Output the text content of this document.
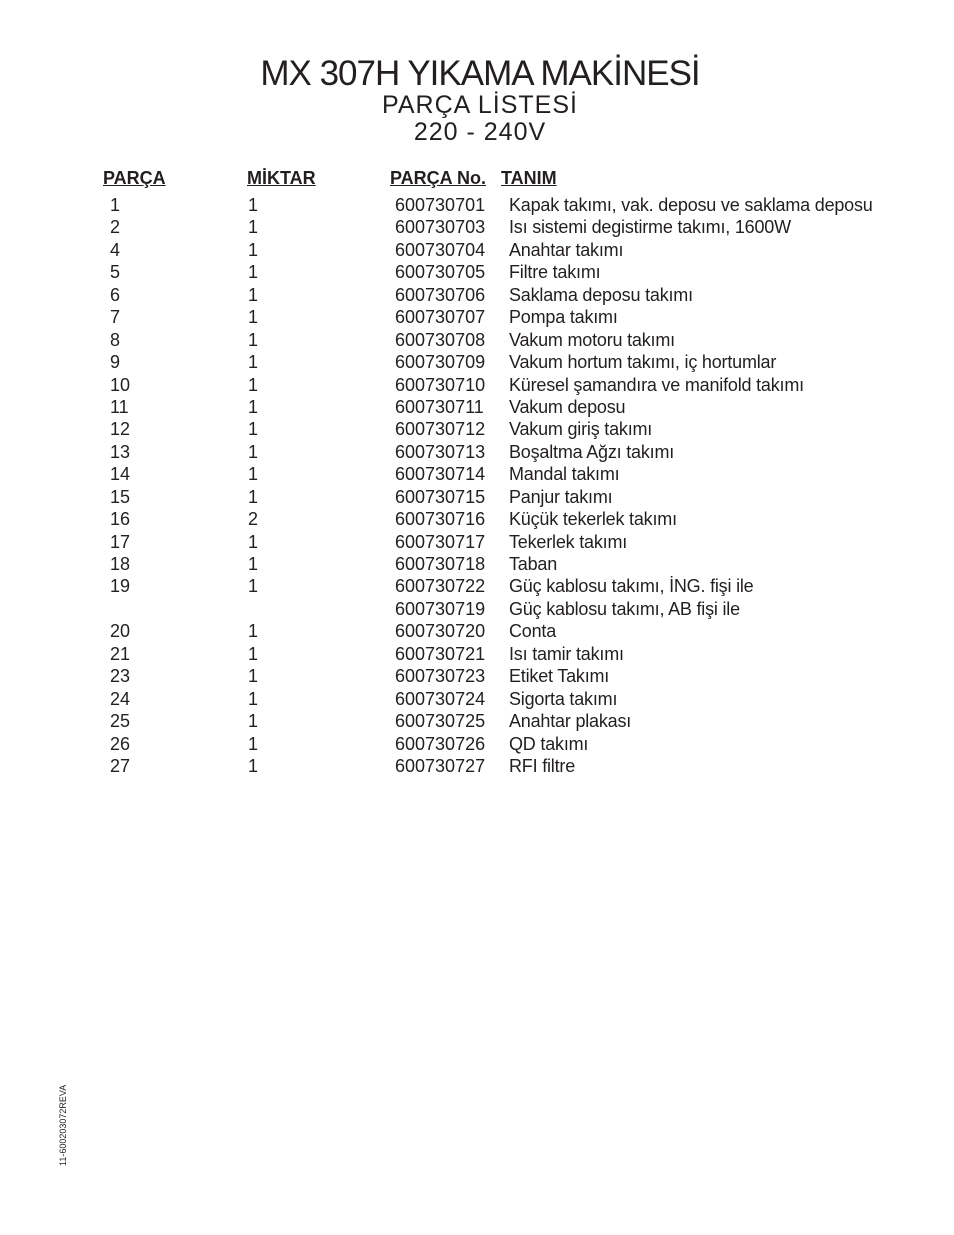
MX 307H YIKAMA MAKİNESİ
PARÇA LİSTESİ
220 - 240V
PARÇA	MİKTAR	PARÇA No. TANIM
1	1	600730701 Kapak takımı, vak. deposu ve saklama deposu
2	1	600730703 Isı sistemi degistirme takımı, 1600W
4	1	600730704 Anahtar takımı
5	1	600730705 Filtre takımı
6	1	600730706 Saklama deposu takımı
7	1	600730707 Pompa takımı
8	1	600730708 Vakum motoru takımı
9	1	600730709 Vakum hortum takımı, iç hortumlar
10	1	600730710 Küresel şamandıra ve manifold takımı
11	1	600730711 Vakum deposu
12	1	600730712 Vakum giriş takımı
13	1	600730713 Boşaltma Ağzı takımı
14	1	600730714 Mandal takımı
15	1	600730715 Panjur takımı
16	2	600730716 Küçük tekerlek takımı
17	1	600730717 Tekerlek takımı
18	1	600730718 Taban
19	1	600730722 Güç kablosu takımı, İNG. fişi ile
600730719 Güç kablosu takımı, AB fişi ile
20	1	600730720 Conta
21	1	600730721 Isı tamir takımı
23	1	600730723 Etiket Takımı
24	1	600730724 Sigorta takımı
25	1	600730725 Anahtar plakası
26	1	600730726 QD takımı
27	1	600730727 RFI filtre
11-600203072REVA
